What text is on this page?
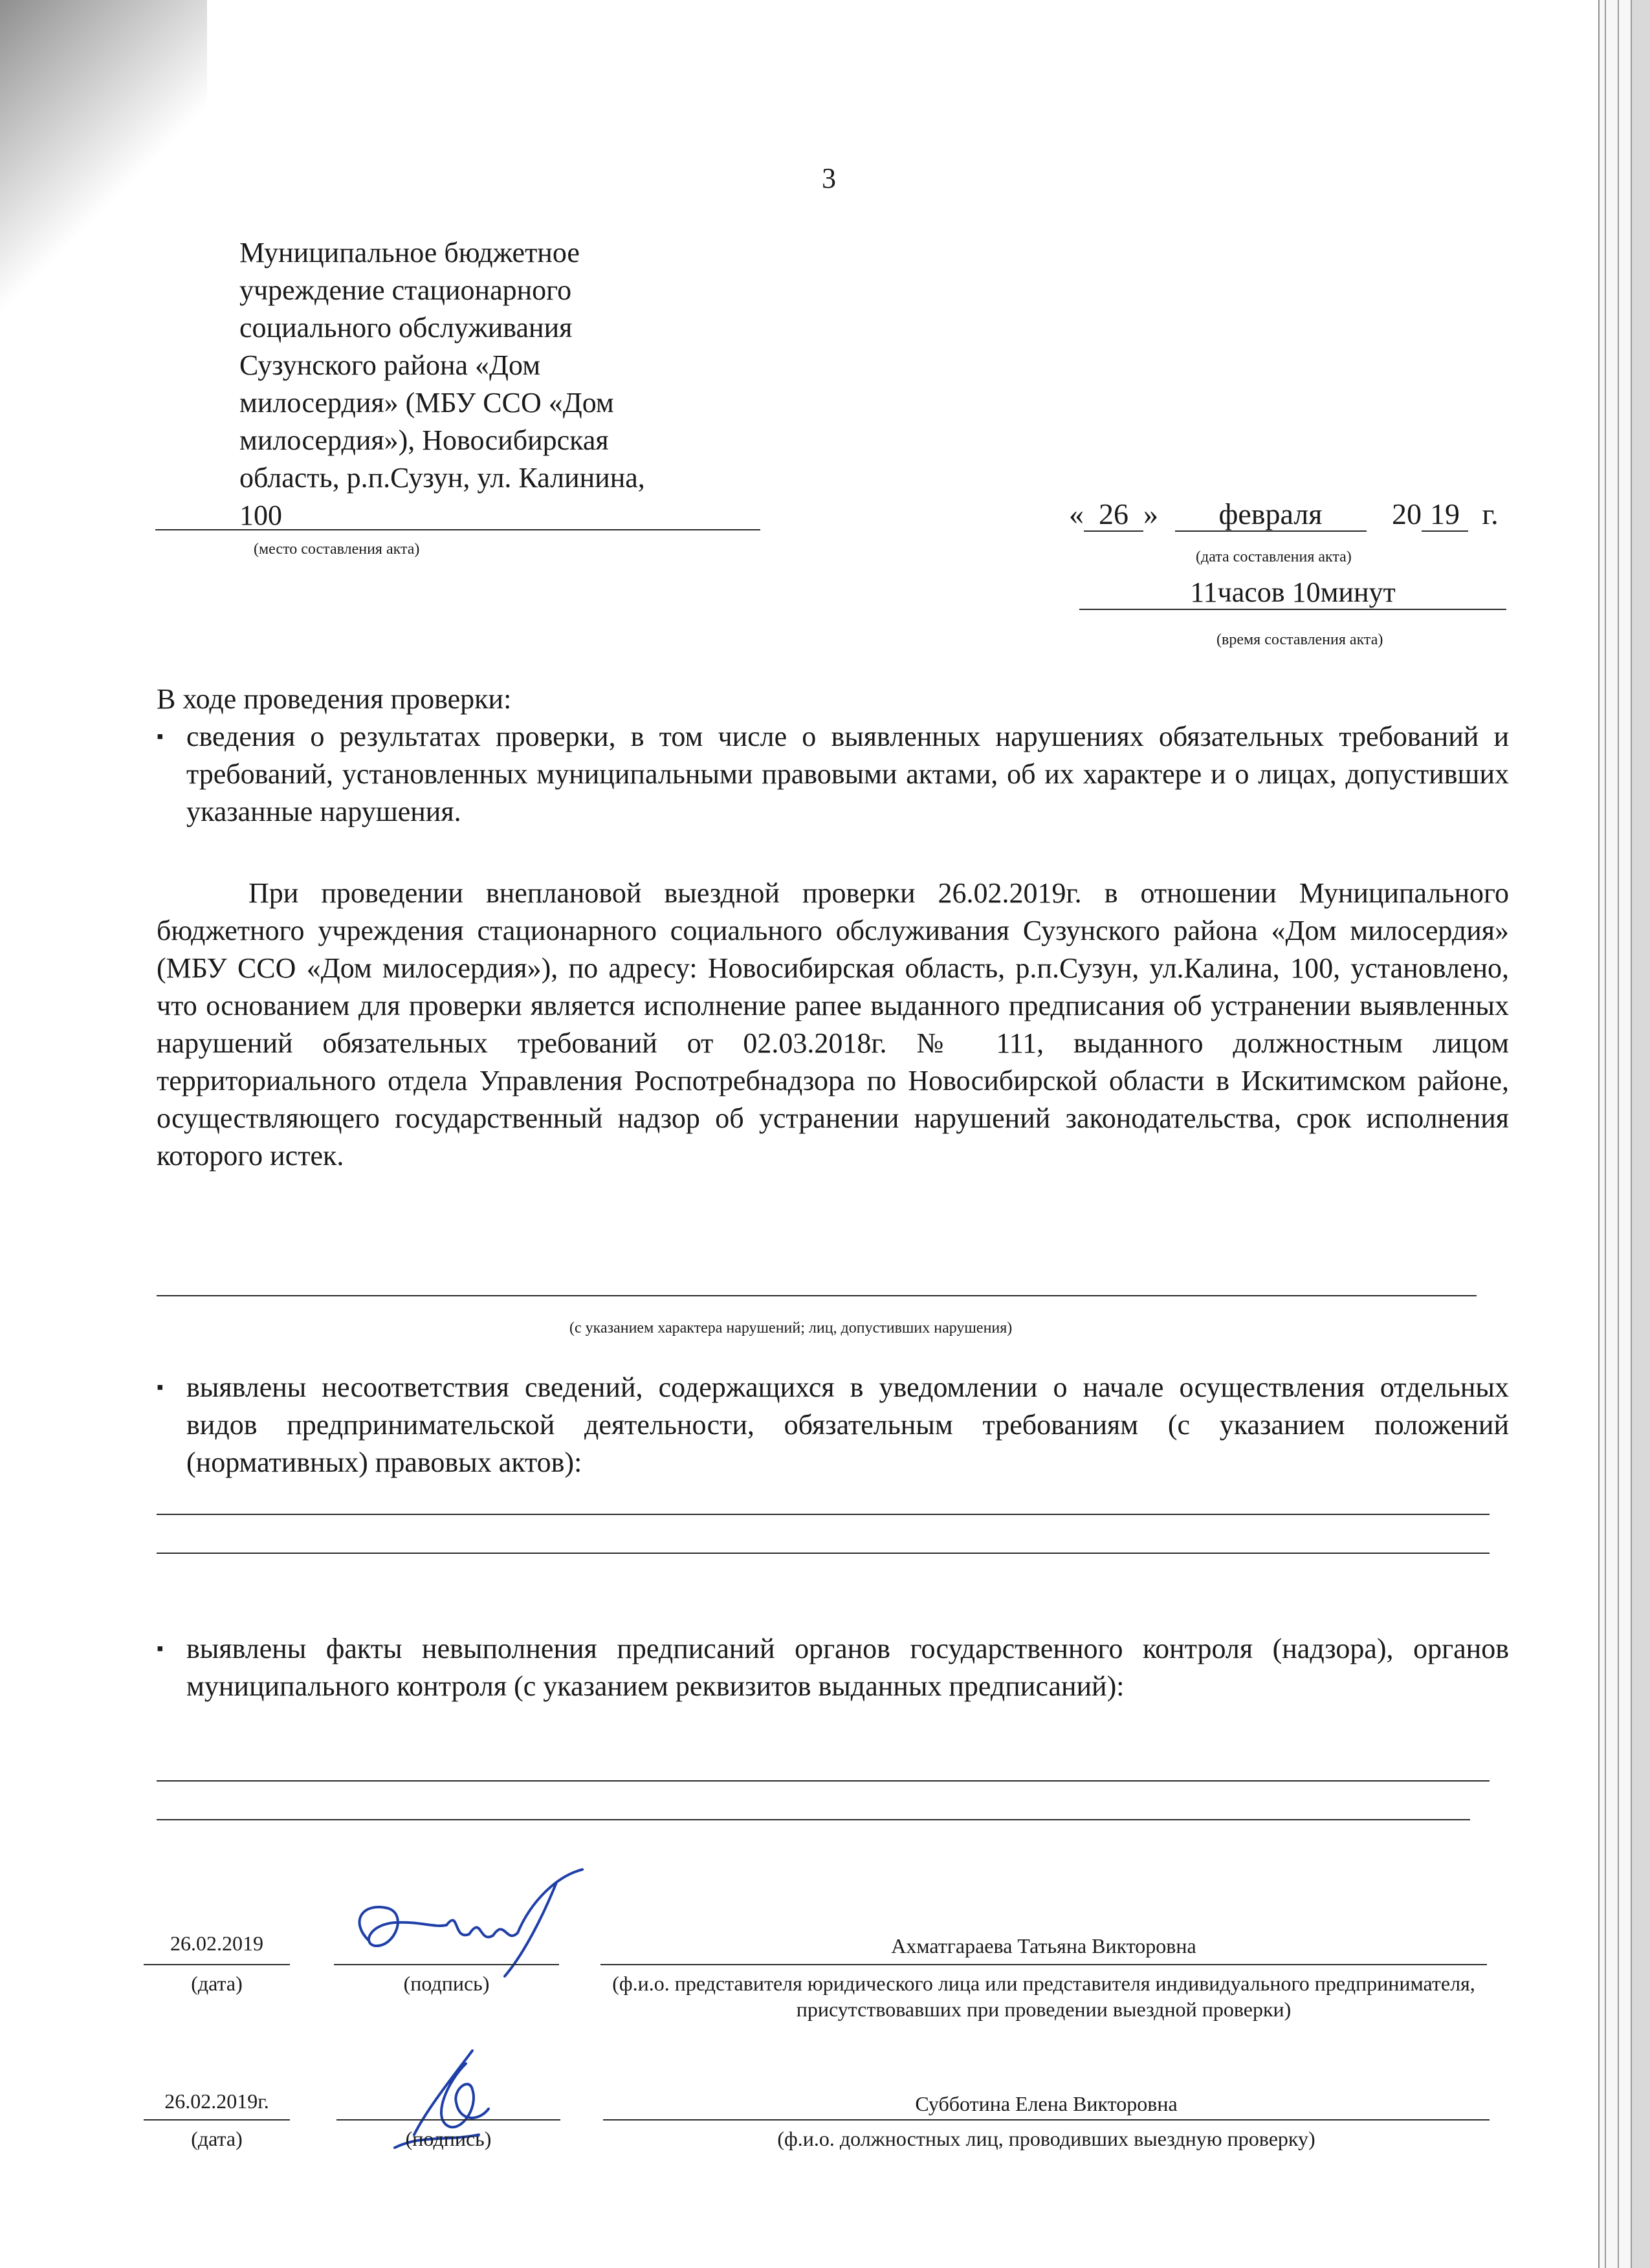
3
Муниципальное бюджетное учреждение стационарного социального обслуживания Сузунского района «Дом милосердия» (МБУ ССО «Дом милосердия»), Новосибирская область, р.п.Сузун, ул. Калинина, 100
(место составления акта)
« 26 » февраля 20 19 г.
(дата составления акта)
11часов 10минут
(время составления акта)
В ходе проведения проверки:
▪ сведения о результатах проверки, в том числе о выявленных нарушениях обязательных требований и требований, установленных муниципальными правовыми актами, об их характере и о лицах, допустивших указанные нарушения.
При проведении внеплановой выездной проверки 26.02.2019г. в отношении Муниципального бюджетного учреждения стационарного социального обслуживания Сузунского района «Дом милосердия» (МБУ ССО «Дом милосердия»), по адресу: Новосибирская область, р.п.Сузун, ул.Калина, 100, установлено, что основанием для проверки является исполнение рапее выданного предписания об устранении выявленных нарушений обязательных требований от 02.03.2018г. № 111, выданного должностным лицом территориального отдела Управления Роспотребнадзора по Новосибирской области в Искитимском районе, осуществляющего государственный надзор об устранении нарушений законодательства, срок исполнения которого истек.
(с указанием характера нарушений; лиц, допустивших нарушения)
▪ выявлены несоответствия сведений, содержащихся в уведомлении о начале осуществления отдельных видов предпринимательской деятельности, обязательным требованиям (с указанием положений (нормативных) правовых актов):
▪ выявлены факты невыполнения предписаний органов государственного контроля (надзора), органов муниципального контроля (с указанием реквизитов выданных предписаний):
26.02.2019
(дата)	(подпись)
Ахматгараева Татьяна Викторовна
(ф.и.о. представителя юридического лица или представителя индивидуального предпринимателя, присутствовавших при проведении выездной проверки)
26.02.2019г.
(дата)	(подпись)
Субботина Елена Викторовна
(ф.и.о. должностных лиц, проводивших выездную проверку)
